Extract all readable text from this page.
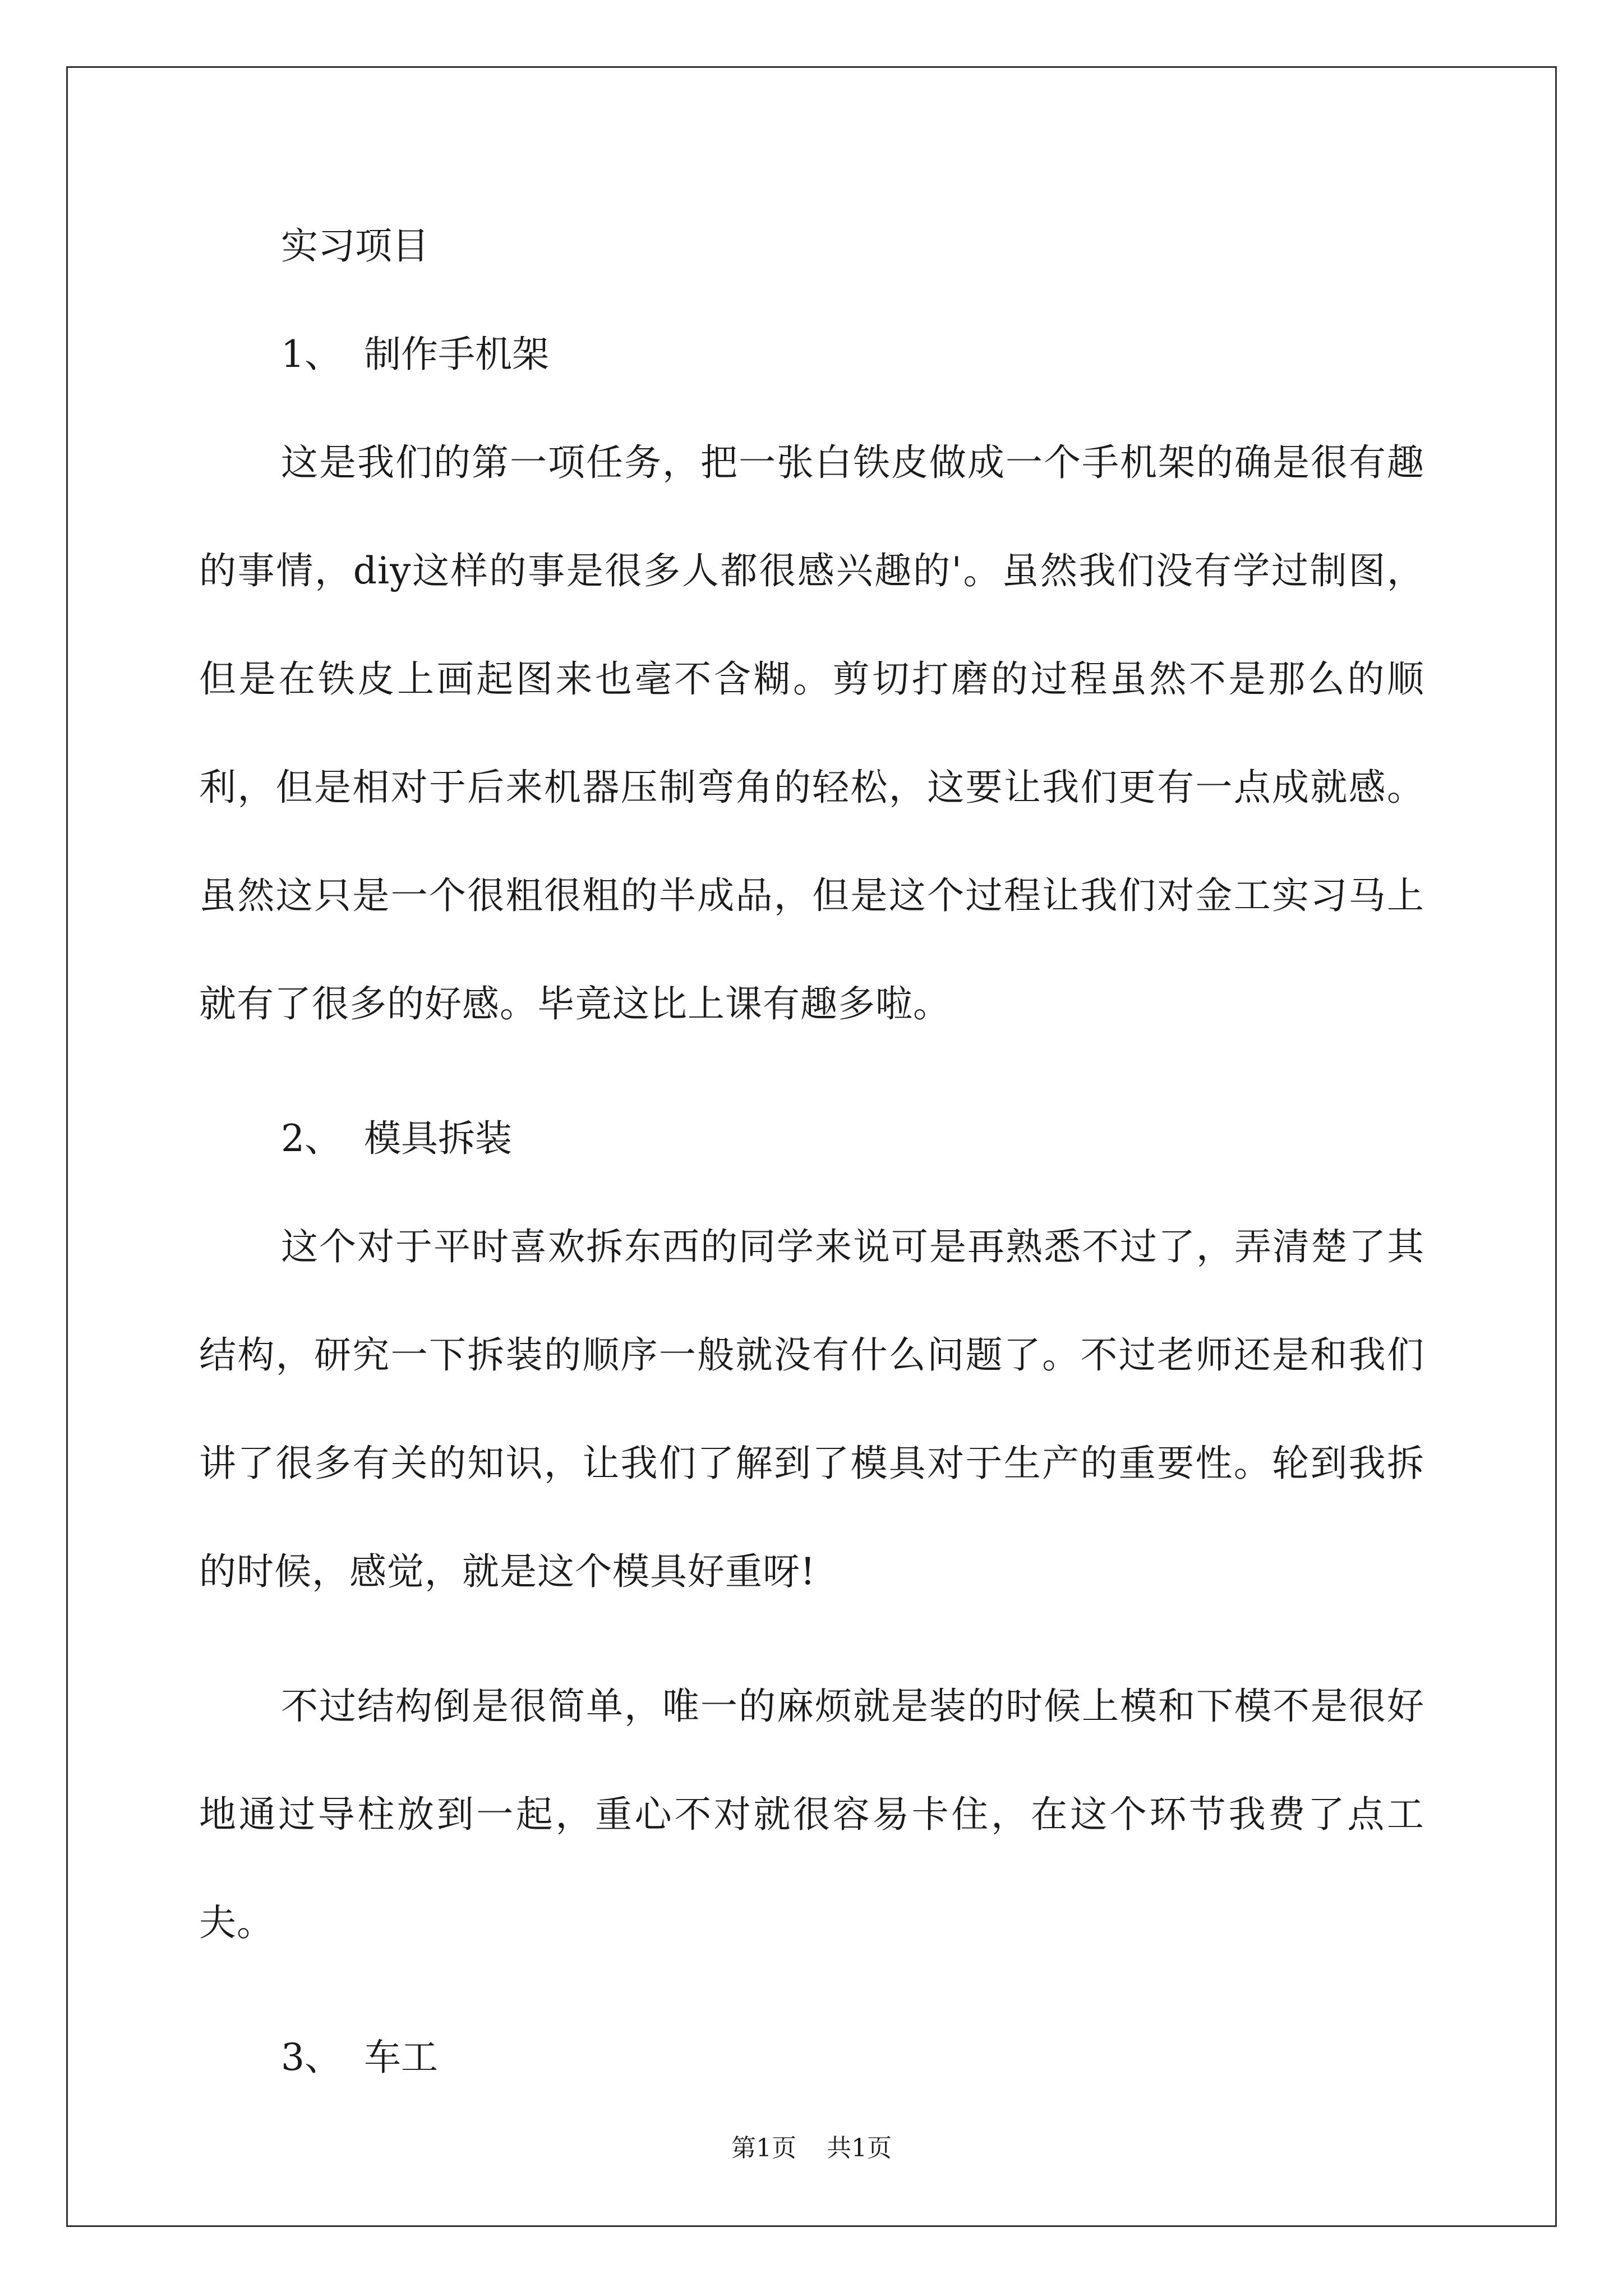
实习项目
1、 制作手机架

这是我们的第一项任务，把一张白铁皮做成一个手机架的确是很有趣的事情，diy这样的事是很多人都很感兴趣的'。虽然我们没有学过制图，但是在铁皮上画起图来也毫不含糊。剪切打磨的过程虽然不是那么的顺利，但是相对于后来机器压制弯角的轻松，这要让我们更有一点成就感。虽然这只是一个很粗很粗的半成品，但是这个过程让我们对金工实习马上就有了很多的好感。毕竟这比上课有趣多啦。

2、 模具拆装

这个对于平时喜欢拆东西的同学来说可是再熟悉不过了，弄清楚了其结构，研究一下拆装的顺序一般就没有什么问题了。不过老师还是和我们讲了很多有关的知识，让我们了解到了模具对于生产的重要性。轮到我拆的时候，感觉，就是这个模具好重呀!

不过结构倒是很简单，唯一的麻烦就是装的时候上模和下模不是很好地通过导柱放到一起，重心不对就很容易卡住，在这个环节我费了点工夫。

3、 车工
第1页 共1页
